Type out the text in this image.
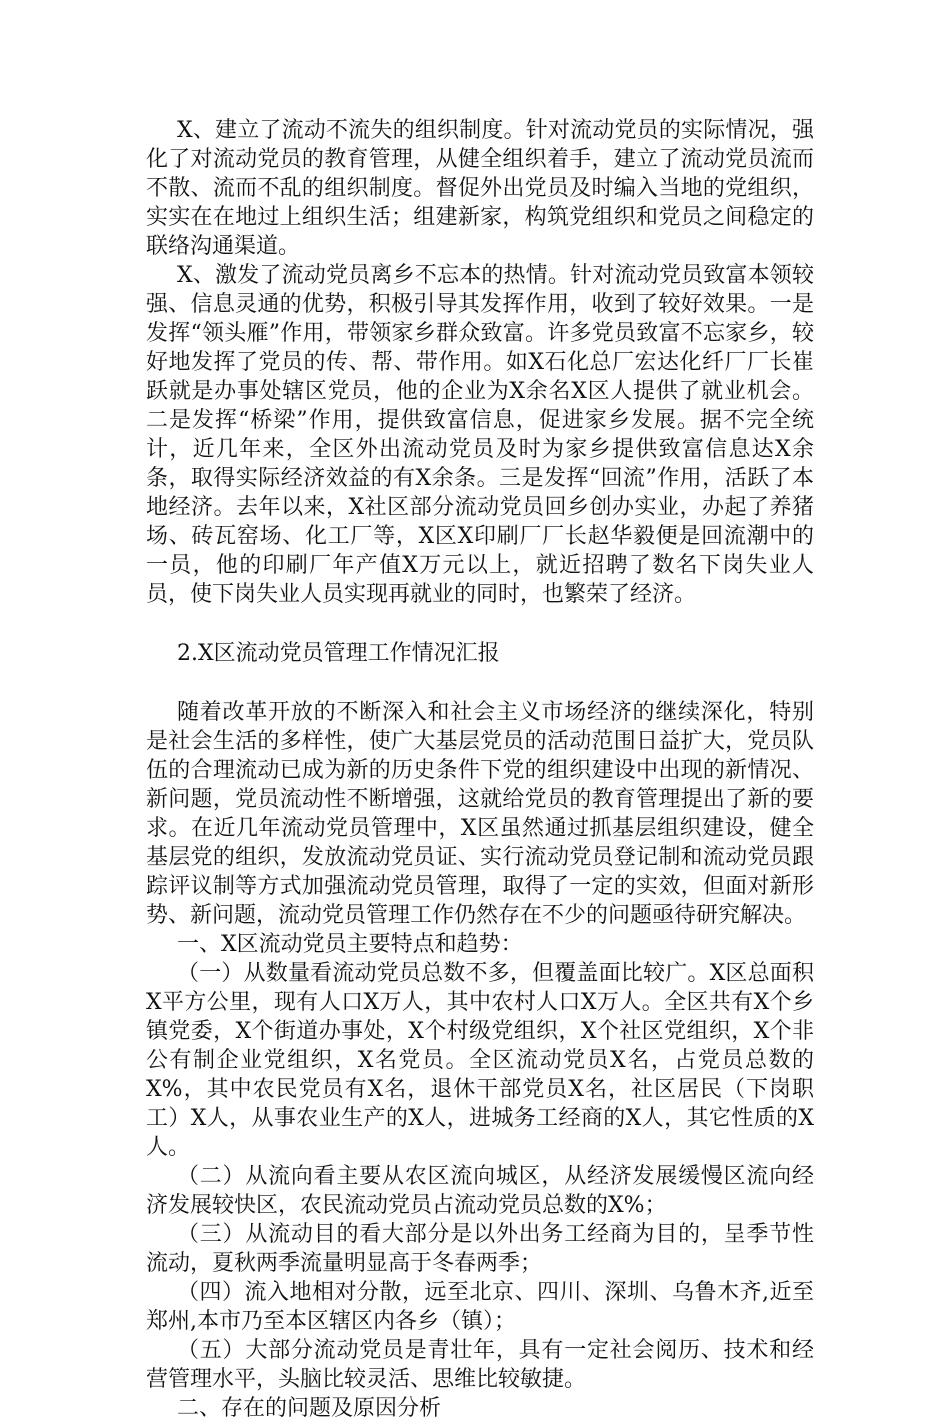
X、建立了流动不流失的组织制度。针对流动党员的实际情况，强化了对流动党员的教育管理，从健全组织着手，建立了流动党员流而不散、流而不乱的组织制度。督促外出党员及时编入当地的党组织，实实在在地过上组织生活；组建新家，构筑党组织和党员之间稳定的联络沟通渠道。

X、激发了流动党员离乡不忘本的热情。针对流动党员致富本领较强、信息灵通的优势，积极引导其发挥作用，收到了较好效果。一是发挥“领头雁”作用，带领家乡群众致富。许多党员致富不忘家乡，较好地发挥了党员的传、帮、带作用。如X石化总厂宏达化纤厂厂长崔跃就是办事处辖区党员，他的企业为X余名X区人提供了就业机会。二是发挥“桥梁”作用，提供致富信息，促进家乡发展。据不完全统计，近几年来，全区外出流动党员及时为家乡提供致富信息达X余条，取得实际经济效益的有X余条。三是发挥“回流”作用，活跃了本地经济。去年以来，X社区部分流动党员回乡创办实业，办起了养猪场、砖瓦窑场、化工厂等，X区X印刷厂厂长赵华毅便是回流潮中的一员，他的印刷厂年产值X万元以上，就近招聘了数名下岗失业人员，使下岗失业人员实现再就业的同时，也繁荣了经济。

2.X区流动党员管理工作情况汇报

随着改革开放的不断深入和社会主义市场经济的继续深化，特别是社会生活的多样性，使广大基层党员的活动范围日益扩大，党员队伍的合理流动已成为新的历史条件下党的组织建设中出现的新情况、新问题，党员流动性不断增强，这就给党员的教育管理提出了新的要求。在近几年流动党员管理中，X区虽然通过抓基层组织建设，健全基层党的组织，发放流动党员证、实行流动党员登记制和流动党员跟踪评议制等方式加强流动党员管理，取得了一定的实效，但面对新形势、新问题，流动党员管理工作仍然存在不少的问题亟待研究解决。

一、X区流动党员主要特点和趋势：

（一）从数量看流动党员总数不多，但覆盖面比较广。X区总面积X平方公里，现有人口X万人，其中农村人口X万人。全区共有X个乡镇党委，X个街道办事处，X个村级党组织，X个社区党组织，X个非公有制企业党组织，X名党员。全区流动党员X名，占党员总数的X%，其中农民党员有X名，退休干部党员X名，社区居民（下岗职工）X人，从事农业生产的X人，进城务工经商的X人，其它性质的X人。

（二）从流向看主要从农区流向城区，从经济发展缓慢区流向经济发展较快区，农民流动党员占流动党员总数的X%；

（三）从流动目的看大部分是以外出务工经商为目的，呈季节性流动，夏秋两季流量明显高于冬春两季；

（四）流入地相对分散，远至北京、四川、深圳、乌鲁木齐,近至郑州,本市乃至本区辖区内各乡（镇）；

（五）大部分流动党员是青壮年，具有一定社会阅历、技术和经营管理水平，头脑比较灵活、思维比较敏捷。

二、存在的问题及原因分析
